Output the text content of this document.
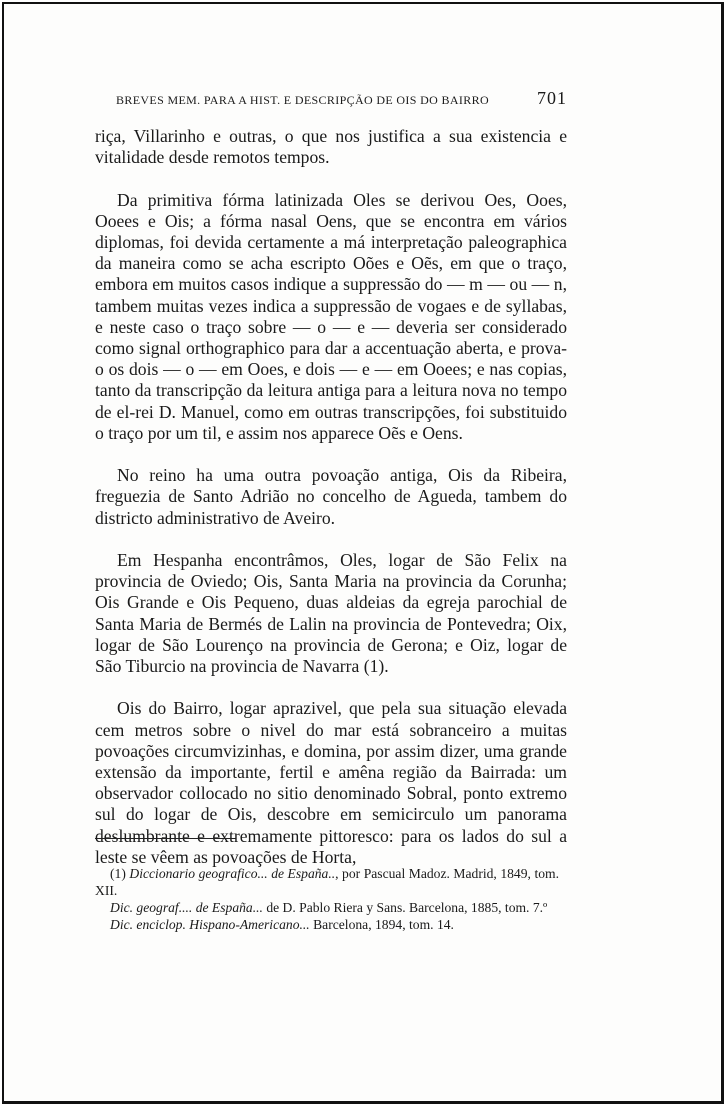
BREVES MEM. PARA A HIST. E DESCRIPÇÃO DE OIS DO BAIRRO	701

riça, Villarinho e outras, o que nos justifica a sua existencia e vitalidade desde remotos tempos.

Da primitiva fórma latinizada Oles se derivou Oes, Ooes, Ooees e Ois; a fórma nasal Oens, que se encontra em vários diplomas, foi devida certamente a má interpretação paleographica da maneira como se acha escripto Oões e Oẽs, em que o traço, embora em muitos casos indique a suppressão do — m — ou — n, tambem muitas vezes indica a suppressão de vogaes e de syllabas, e neste caso o traço sobre — o — e — deveria ser considerado como signal orthographico para dar a accentuação aberta, e prova-o os dois — o — em Ooes, e dois — e — em Ooees; e nas copias, tanto da transcripção da leitura antiga para a leitura nova no tempo de el-rei D. Manuel, como em outras transcripções, foi substituido o traço por um til, e assim nos apparece Oẽs e Oens.

No reino ha uma outra povoação antiga, Ois da Ribeira, freguezia de Santo Adrião no concelho de Agueda, tambem do districto administrativo de Aveiro.

Em Hespanha encontrâmos, Oles, logar de São Felix na provincia de Oviedo; Ois, Santa Maria na provincia da Corunha; Ois Grande e Ois Pequeno, duas aldeias da egreja parochial de Santa Maria de Bermés de Lalin na provincia de Pontevedra; Oix, logar de São Lourenço na provincia de Gerona; e Oiz, logar de São Tiburcio na provincia de Navarra (1).

Ois do Bairro, logar aprazivel, que pela sua situação elevada cem metros sobre o nivel do mar está sobranceiro a muitas povoações circumvizinhas, e domina, por assim dizer, uma grande extensão da importante, fertil e amêna região da Bairrada: um observador collocado no sitio denominado Sobral, ponto extremo sul do logar de Ois, descobre em semicirculo um panorama deslumbrante e extremamente pittoresco: para os lados do sul a leste se vêem as povoações de Horta,

(1) Diccionario geografico... de España.., por Pascual Madoz. Madrid, 1849, tom. XII.

Dic. geograf.... de España... de D. Pablo Riera y Sans. Barcelona, 1885, tom. 7.º

Dic. enciclop. Hispano-Americano... Barcelona, 1894, tom. 14.
